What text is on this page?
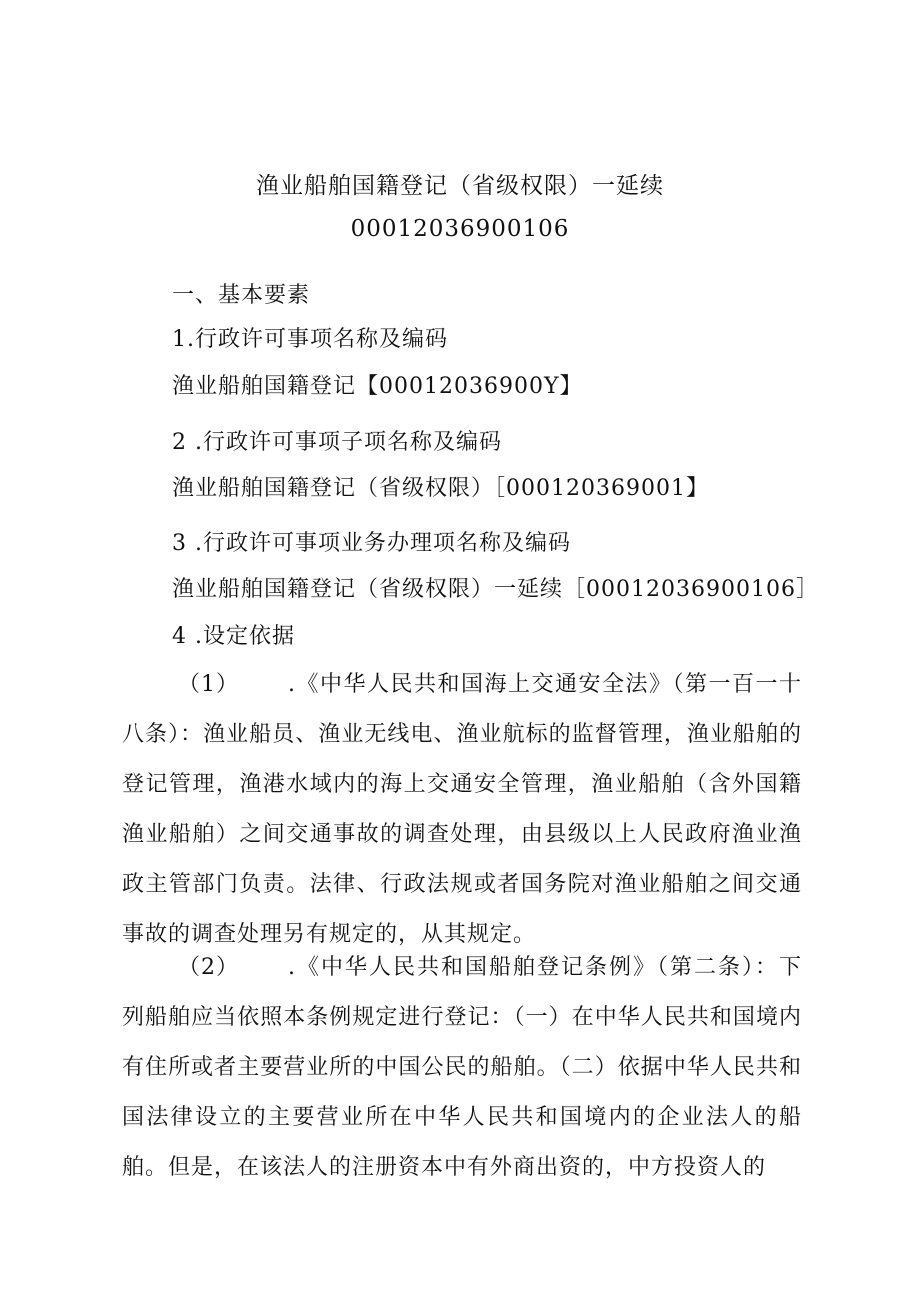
渔业船舶国籍登记（省级权限）一延续
00012036900106
一、基本要素
1.行政许可事项名称及编码
渔业船舶国籍登记【00012036900Y】
2 .行政许可事项子项名称及编码
渔业船舶国籍登记（省级权限）［000120369001】
3 .行政许可事项业务办理项名称及编码
渔业船舶国籍登记（省级权限）一延续［00012036900106］
4 .设定依据

（1） .《中华人民共和国海上交通安全法》（第一百一十八条）：渔业船员、渔业无线电、渔业航标的监督管理，渔业船舶的登记管理，渔港水域内的海上交通安全管理，渔业船舶（含外国籍渔业船舶）之间交通事故的调查处理，由县级以上人民政府渔业渔政主管部门负责。法律、行政法规或者国务院对渔业船舶之间交通事故的调查处理另有规定的，从其规定。

（2） .《中华人民共和国船舶登记条例》（第二条）：下列船舶应当依照本条例规定进行登记：（一）在中华人民共和国境内有住所或者主要营业所的中国公民的船舶。（二）依据中华人民共和国法律设立的主要营业所在中华人民共和国境内的企业法人的船舶。但是，在该法人的注册资本中有外商出资的，中方投资人的
